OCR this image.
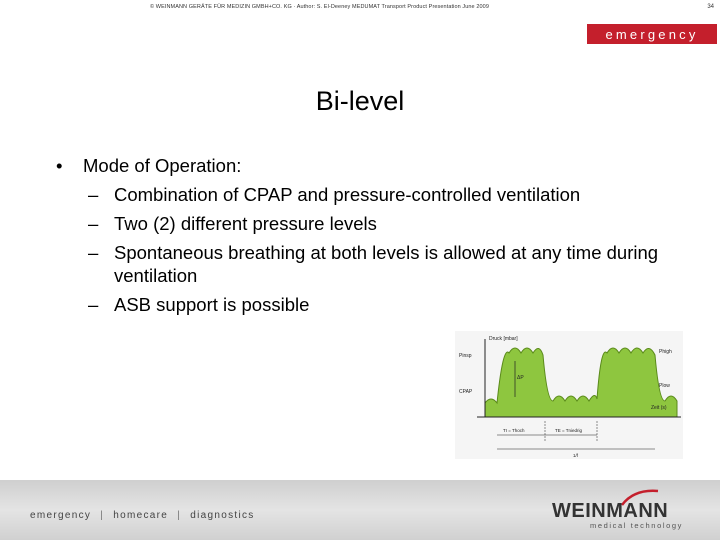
© WEINMANN GERÄTE FÜR MEDIZIN GMBH+CO. KG · Author: S. El-Deeney MEDUMAT Transport Product Presentation June 2009	34
emergency
Bi-level
• Mode of Operation:
– Combination of CPAP and pressure-controlled ventilation
– Two (2) different pressure levels
– Spontaneous breathing at both levels is allowed at any time during ventilation
– ASB support is possible
Druck [mbar]
Zeit (s)
Pinsp
CPAP
Phigh
Plow
ΔP
TI = Thoch	TE = Tniedrig
1/f
emergency | homecare | diagnostics	WEINMANN
medical technology
